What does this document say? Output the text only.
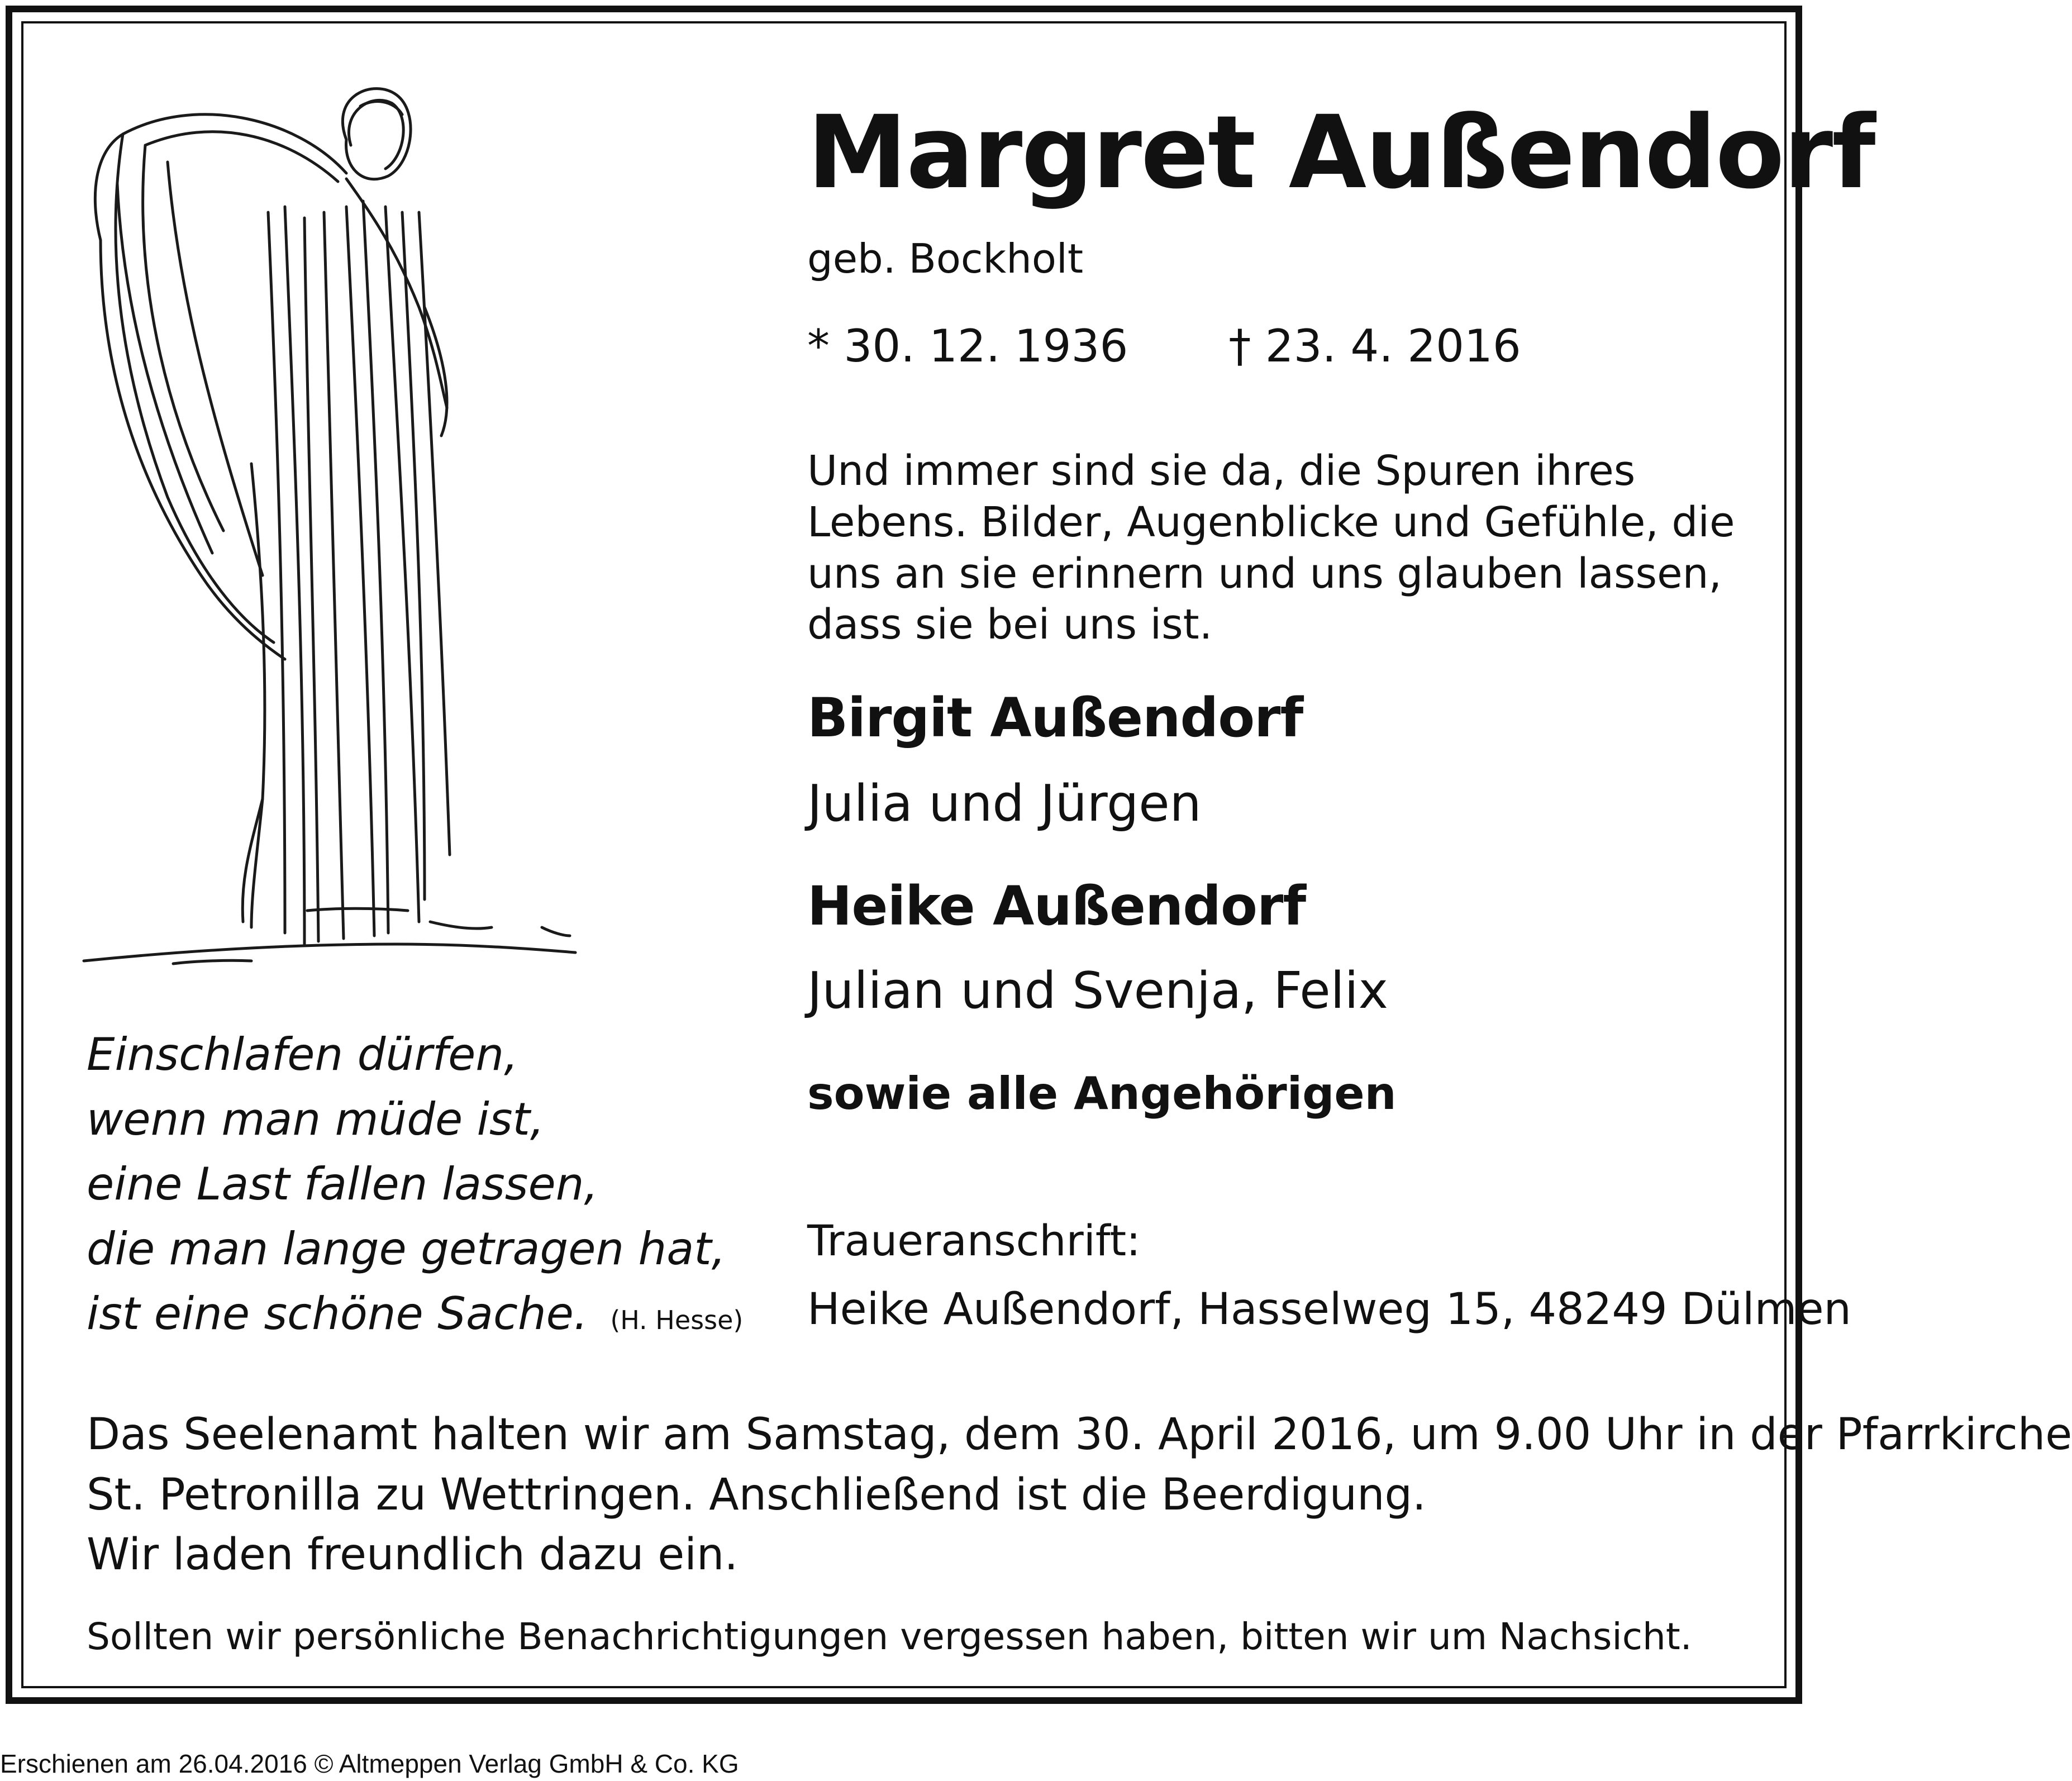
Margret Außendorf
geb. Bockholt
* 30. 12. 1936 † 23. 4. 2016
Und immer sind sie da, die Spuren ihres Lebens. Bilder, Augenblicke und Gefühle, die uns an sie erinnern und uns glauben lassen, dass sie bei uns ist.
Birgit Außendorf
Julia und Jürgen
Heike Außendorf
Julian und Svenja, Felix
sowie alle Angehörigen
Traueranschrift:
Heike Außendorf, Hasselweg 15, 48249 Dülmen
Einschlafen dürfen,
wenn man müde ist,
eine Last fallen lassen,
die man lange getragen hat,
ist eine schöne Sache. (H. Hesse)
Das Seelenamt halten wir am Samstag, dem 30. April 2016, um 9.00 Uhr in der Pfarrkirche
St. Petronilla zu Wettringen. Anschließend ist die Beerdigung.
Wir laden freundlich dazu ein.
Sollten wir persönliche Benachrichtigungen vergessen haben, bitten wir um Nachsicht.
Erschienen am 26.04.2016 © Altmeppen Verlag GmbH & Co. KG
